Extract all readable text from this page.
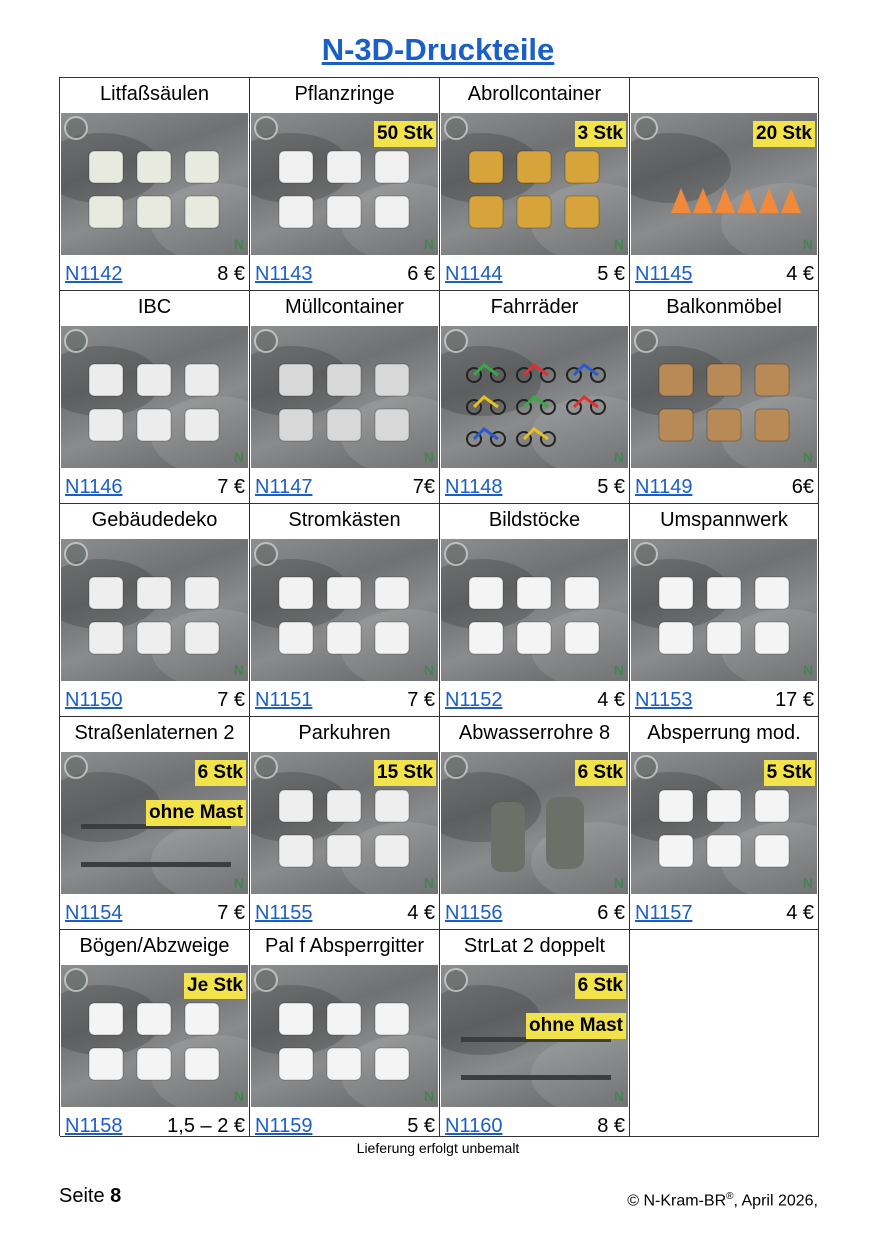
N-3D-Druckteile
Litfaßsäulen
N
N1142	8 €
Pflanzringe
N
50 Stk
N1143	6 €
Abrollcontainer
N
3 Stk
N1144	5 €
N
20 Stk
N1145	4 €
IBC
N
N1146	7 €
Müllcontainer
N
N1147	7€
Fahrräder
N
N1148	5 €
Balkonmöbel
N
N1149	6€
Gebäudedeko
N
N1150	7 €
Stromkästen
N
N1151	7 €
Bildstöcke
N
N1152	4 €
Umspannwerk
N
N1153	17 €
Straßenlaternen 2
N
6 Stk
ohne Mast
N1154	7 €
Parkuhren
N
15 Stk
N1155	4 €
Abwasserrohre 8
N
6 Stk
N1156	6 €
Absperrung mod.
N
5 Stk
N1157	4 €
Bögen/Abzweige
N
Je Stk
N1158 1,5 – 2 €
Pal f Absperrgitter
N
N1159	5 €
StrLat 2 doppelt
N
6 Stk
ohne Mast
N1160	8 €
Lieferung erfolgt unbemalt
Seite 8	© N-Kram-BR®, April 2026,
